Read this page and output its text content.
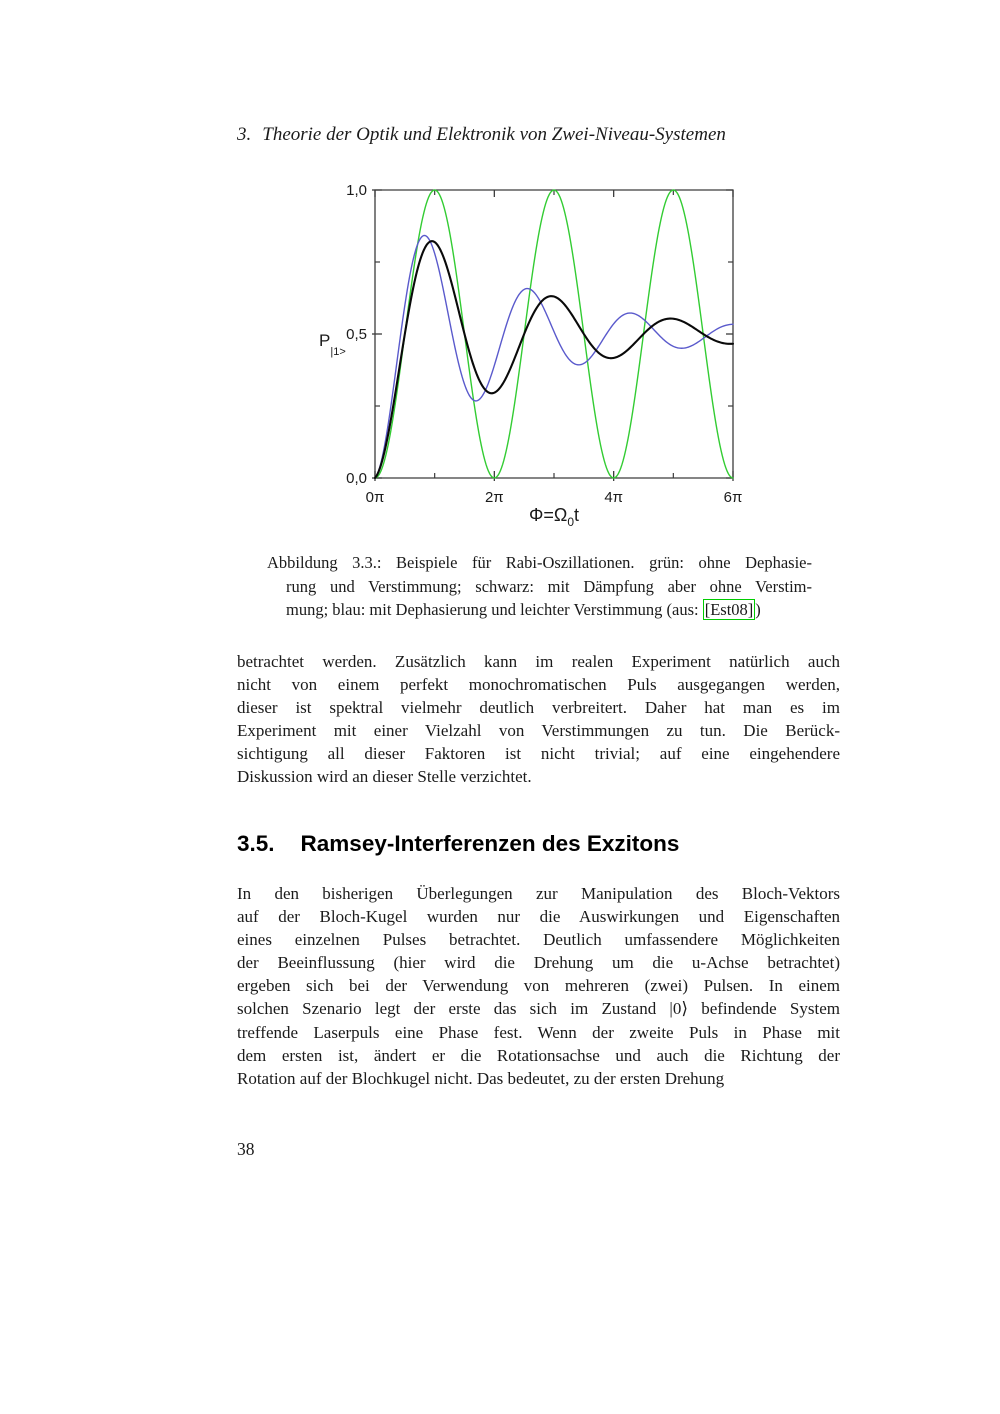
3. Theorie der Optik und Elektronik von Zwei-Niveau-Systemen
0π	2π	4π	6π
0,0
0,5
1,0
$P_{|1>}$
$\Phi=\Omega_0t$
Abbildung 3.3.: Beispiele für Rabi-Oszillationen. grün: ohne Dephasie-
rung und Verstimmung; schwarz: mit Dämpfung aber ohne Verstim-
mung; blau: mit Dephasierung und leichter Verstimmung (aus: [Est08] )
betrachtet werden. Zusätzlich kann im realen Experiment natürlich auch
nicht von einem perfekt monochromatischen Puls ausgegangen werden,
dieser ist spektral vielmehr deutlich verbreitert. Daher hat man es im
Experiment mit einer Vielzahl von Verstimmungen zu tun. Die Berück-
sichtigung all dieser Faktoren ist nicht trivial; auf eine eingehendere
Diskussion wird an dieser Stelle verzichtet.
3.5. Ramsey-Interferenzen des Exzitons
In den bisherigen Überlegungen zur Manipulation des Bloch-Vektors
auf der Bloch-Kugel wurden nur die Auswirkungen und Eigenschaften
eines einzelnen Pulses betrachtet. Deutlich umfassendere Möglichkeiten
der Beeinflussung (hier wird die Drehung um die u-Achse betrachtet)
ergeben sich bei der Verwendung von mehreren (zwei) Pulsen. In einem
solchen Szenario legt der erste das sich im Zustand |0⟩ befindende System
treffende Laserpuls eine Phase fest. Wenn der zweite Puls in Phase mit
dem ersten ist, ändert er die Rotationsachse und auch die Richtung der
Rotation auf der Blochkugel nicht. Das bedeutet, zu der ersten Drehung
38
